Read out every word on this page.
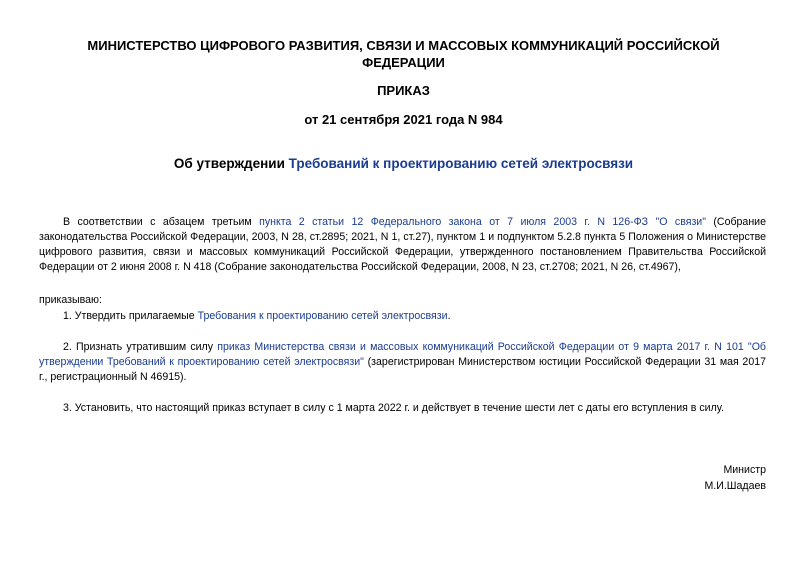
МИНИСТЕРСТВО ЦИФРОВОГО РАЗВИТИЯ, СВЯЗИ И МАССОВЫХ КОММУНИКАЦИЙ РОССИЙСКОЙ ФЕДЕРАЦИИ
ПРИКАЗ
от 21 сентября 2021 года N 984
Об утверждении Требований к проектированию сетей электросвязи

В соответствии с абзацем третьим пункта 2 статьи 12 Федерального закона от 7 июля 2003 г. N 126-ФЗ "О связи" (Собрание законодательства Российской Федерации, 2003, N 28, ст.2895; 2021, N 1, ст.27), пунктом 1 и подпунктом 5.2.8 пункта 5 Положения о Министерстве цифрового развития, связи и массовых коммуникаций Российской Федерации, утвержденного постановлением Правительства Российской Федерации от 2 июня 2008 г. N 418 (Собрание законодательства Российской Федерации, 2008, N 23, ст.2708; 2021, N 26, ст.4967),

приказываю:

1. Утвердить прилагаемые Требования к проектированию сетей электросвязи.

2. Признать утратившим силу приказ Министерства связи и массовых коммуникаций Российской Федерации от 9 марта 2017 г. N 101 "Об утверждении Требований к проектированию сетей электросвязи" (зарегистрирован Министерством юстиции Российской Федерации 31 мая 2017 г., регистрационный N 46915).

3. Установить, что настоящий приказ вступает в силу с 1 марта 2022 г. и действует в течение шести лет с даты его вступления в силу.

Министр
М.И.Шадаев
